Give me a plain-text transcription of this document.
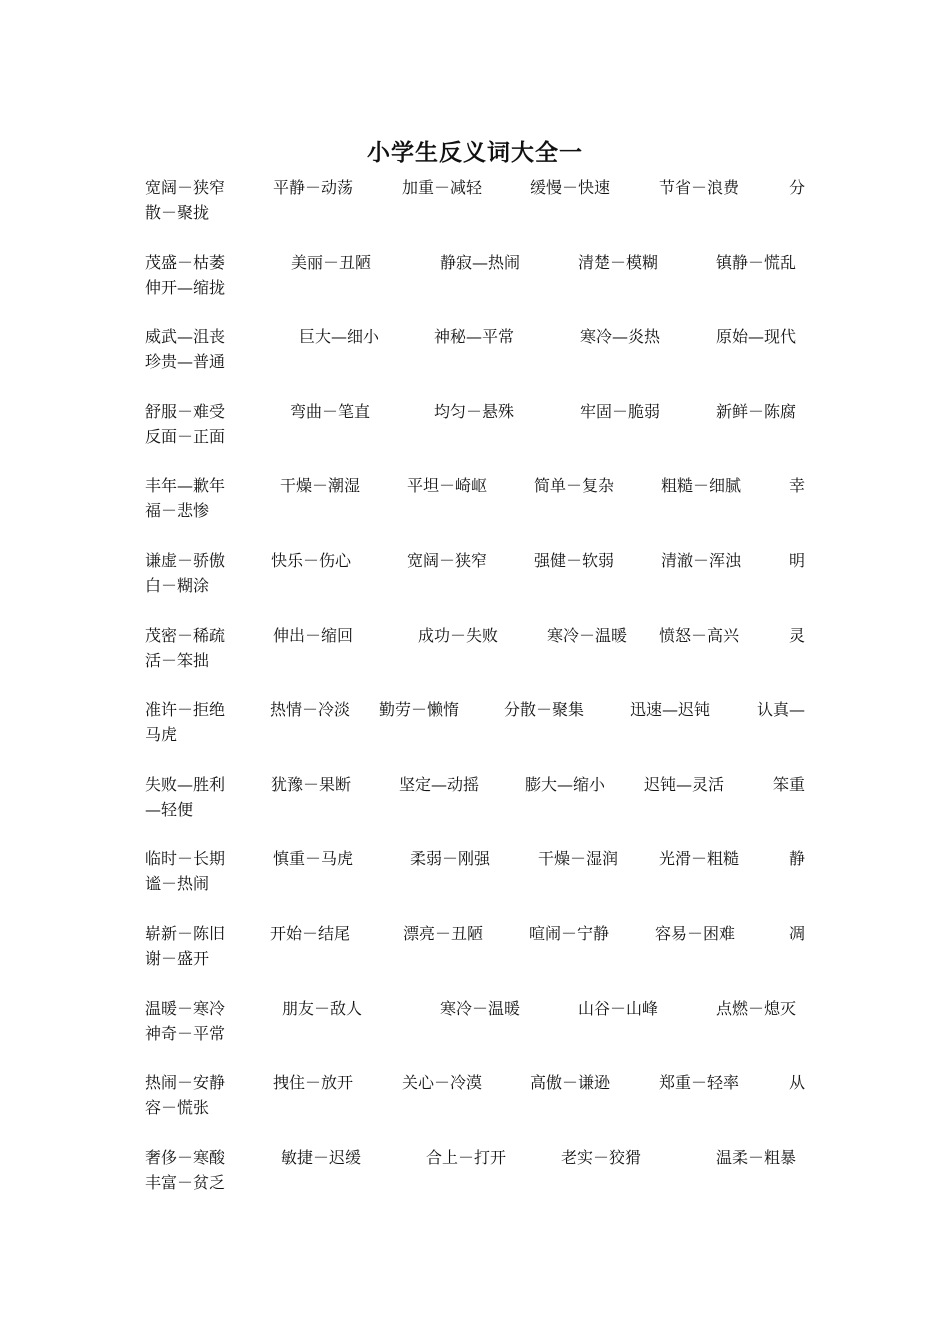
小学生反义词大全一
宽阔－狭窄	平静－动荡	加重－减轻	缓慢－快速	节省－浪费	分
散－聚拢
茂盛－枯萎	美丽－丑陋	静寂—热闹	清楚－模糊	镇静－慌乱
伸开—缩拢
威武—沮丧	巨大—细小	神秘—平常	寒冷—炎热	原始—现代
珍贵—普通
舒服－难受	弯曲－笔直	均匀－悬殊	牢固－脆弱	新鲜－陈腐
反面－正面
丰年—歉年	干燥－潮湿	平坦－崎岖	简单－复杂	粗糙－细腻	幸
福－悲惨
谦虚－骄傲	快乐－伤心	宽阔－狭窄	强健－软弱	清澈－浑浊	明
白－糊涂
茂密－稀疏	伸出－缩回	成功－失败	寒冷－温暖 愤怒－高兴	灵
活－笨拙
准许－拒绝	热情－冷淡 勤劳－懒惰	分散－聚集	迅速—迟钝	认真—
马虎
失败—胜利	犹豫－果断	坚定—动摇	膨大—缩小 迟钝—灵活	笨重
—轻便
临时－长期	慎重－马虎	柔弱－刚强	干燥－湿润	光滑－粗糙	静
谧－热闹
崭新－陈旧	开始－结尾	漂亮－丑陋	喧闹－宁静	容易－困难	凋
谢－盛开
温暖－寒冷	朋友－敌人	寒冷－温暖	山谷－山峰	点燃－熄灭
神奇－平常
热闹－安静	拽住－放开	关心－冷漠	高傲－谦逊	郑重－轻率	从
容－慌张
奢侈－寒酸	敏捷－迟缓	合上－打开	老实－狡猾	温柔－粗暴
丰富－贫乏
